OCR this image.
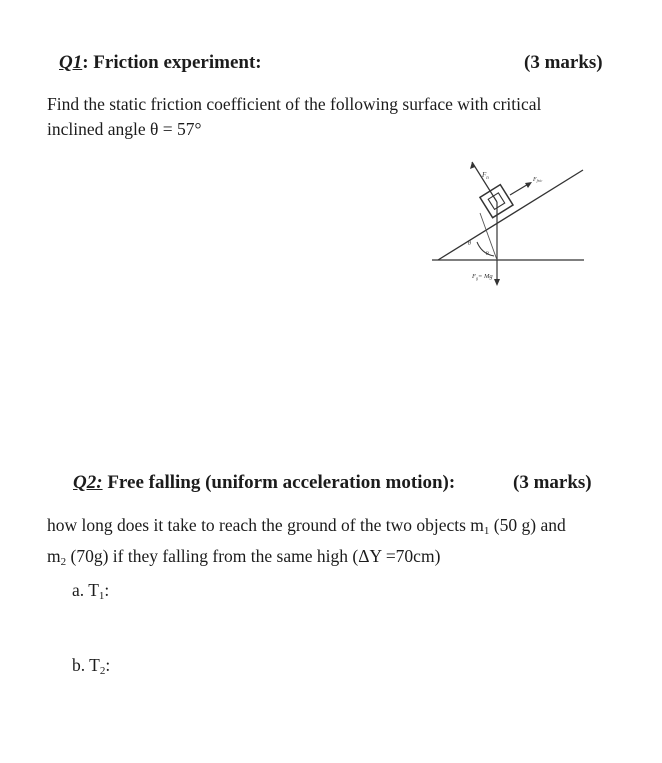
Q1: Friction experiment:	(3 marks)
Find the static friction coefficient of the following surface with critical
inclined angle θ = 57°
$F_n$	Ffric
θ
R
$F_g= Mg$
Q2: Free falling (uniform acceleration motion):	(3 marks)
how long does it take to reach the ground of the two objects $m_1$ (50 g) and
$m_2$ (70g) if they falling from the same high (ΔY =70cm)
a. $T_1$:
b. $T_2$:
